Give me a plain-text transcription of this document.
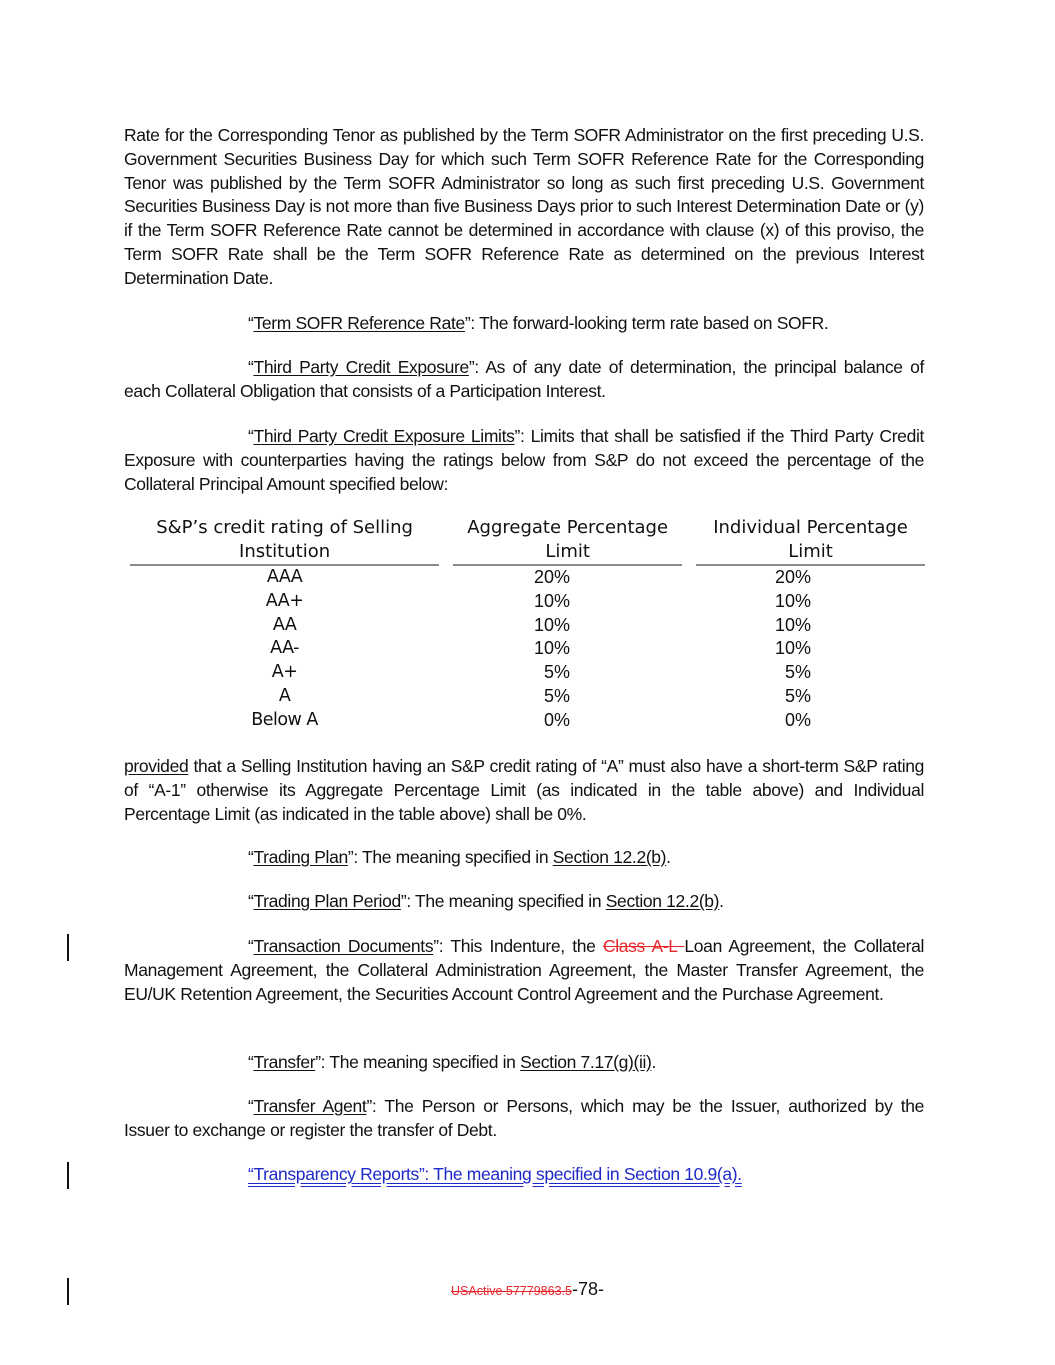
Rate for the Corresponding Tenor as published by the Term SOFR Administrator on the first preceding U.S. Government Securities Business Day for which such Term SOFR Reference Rate for the Corresponding Tenor was published by the Term SOFR Administrator so long as such first preceding U.S. Government Securities Business Day is not more than five Business Days prior to such Interest Determination Date or (y) if the Term SOFR Reference Rate cannot be determined in accordance with clause (x) of this proviso, the Term SOFR Rate shall be the Term SOFR Reference Rate as determined on the previous Interest Determination Date.

“Term SOFR Reference Rate”: The forward-looking term rate based on SOFR.

“Third Party Credit Exposure”: As of any date of determination, the principal balance of each Collateral Obligation that consists of a Participation Interest.

“Third Party Credit Exposure Limits”: Limits that shall be satisfied if the Third Party Credit Exposure with counterparties having the ratings below from S&P do not exceed the percentage of the Collateral Principal Amount specified below:

S&P’s credit rating of Selling Institution		Aggregate Percentage Limit		Individual Percentage Limit
AAA		20%		20%
AA+		10%		10%
AA		10%		10%
AA-		10%		10%
A+		5%		5%
A		5%		5%
Below A		0%		0%

provided that a Selling Institution having an S&P credit rating of “A” must also have a short-term S&P rating of “A-1” otherwise its Aggregate Percentage Limit (as indicated in the table above) and Individual Percentage Limit (as indicated in the table above) shall be 0%.

“Trading Plan”: The meaning specified in Section 12.2(b).

“Trading Plan Period”: The meaning specified in Section 12.2(b).

“Transaction Documents”: This Indenture, the Class A-L Loan Agreement, the Collateral Management Agreement, the Collateral Administration Agreement, the Master Transfer Agreement, the EU/UK Retention Agreement, the Securities Account Control Agreement and the Purchase Agreement.

“Transfer”: The meaning specified in Section 7.17(g)(ii).

“Transfer Agent”: The Person or Persons, which may be the Issuer, authorized by the Issuer to exchange or register the transfer of Debt.

“Transparency Reports”: The meaning specified in Section 10.9(a).

USActive 57779863.5-78-
